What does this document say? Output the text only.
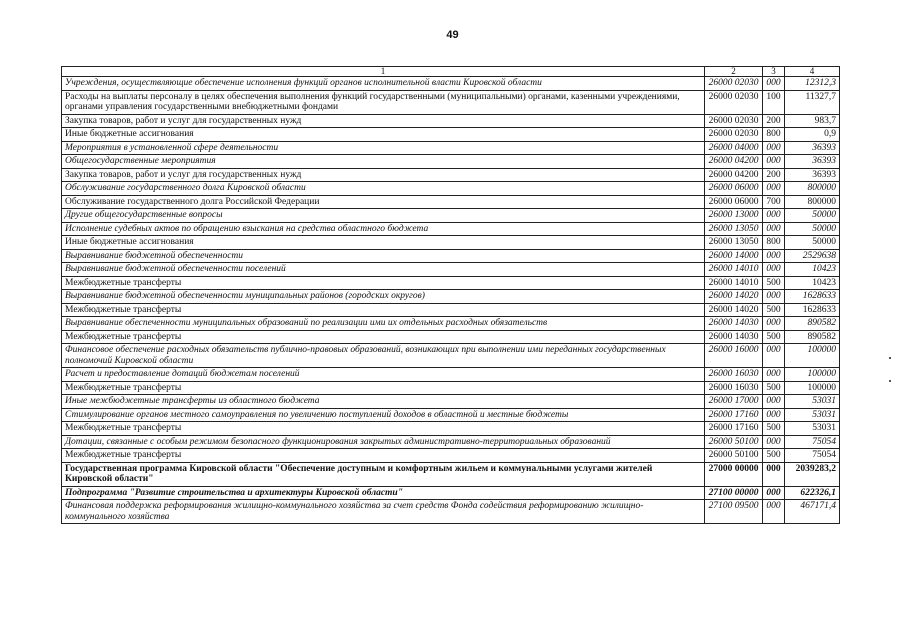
49
1	2	3	4
Учреждения, осуществляющие обеспечение исполнения функций органов исполнительной власти Кировской области	26000 02030	000	12312,3
Расходы на выплаты персоналу в целях обеспечения выполнения функций государственными (муниципальными) органами, казенными учреждениями, органами управления государственными внебюджетными фондами	26000 02030	100	11327,7
Закупка товаров, работ и услуг для государственных нужд	26000 02030	200	983,7
Иные бюджетные ассигнования	26000 02030	800	0,9
Мероприятия в установленной сфере деятельности	26000 04000	000	36393
Общегосударственные мероприятия	26000 04200	000	36393
Закупка товаров, работ и услуг для государственных нужд	26000 04200	200	36393
Обслуживание государственного долга Кировской области	26000 06000	000	800000
Обслуживание государственного долга Российской Федерации	26000 06000	700	800000
Другие общегосударственные вопросы	26000 13000	000	50000
Исполнение судебных актов по обращению взыскания на средства областного бюджета	26000 13050	000	50000
Иные бюджетные ассигнования	26000 13050	800	50000
Выравнивание бюджетной обеспеченности	26000 14000	000	2529638
Выравнивание бюджетной обеспеченности поселений	26000 14010	000	10423
Межбюджетные трансферты	26000 14010	500	10423
Выравнивание бюджетной обеспеченности муниципальных районов (городских округов)	26000 14020	000	1628633
Межбюджетные трансферты	26000 14020	500	1628633
Выравнивание обеспеченности муниципальных образований по реализации ими их отдельных расходных обязательств	26000 14030	000	890582
Межбюджетные трансферты	26000 14030	500	890582
Финансовое обеспечение расходных обязательств публично-правовых образований, возникающих при выполнении ими переданных государственных полномочий Кировской области	26000 16000	000	100000
Расчет и предоставление дотаций бюджетам поселений	26000 16030	000	100000
Межбюджетные трансферты	26000 16030	500	100000
Иные межбюджетные трансферты из областного бюджета	26000 17000	000	53031
Стимулирование органов местного самоуправления по увеличению поступлений доходов в областной и местные бюджеты	26000 17160	000	53031
Межбюджетные трансферты	26000 17160	500	53031
Дотации, связанные с особым режимом безопасного функционирования закрытых административно-территориальных образований	26000 50100	000	75054
Межбюджетные трансферты	26000 50100	500	75054
Государственная программа Кировской области "Обеспечение доступным и комфортным жильем и коммунальными услугами жителей Кировской области"	27000 00000	000	2039283,2
Подпрограмма "Развитие строительства и архитектуры Кировской области"	27100 00000	000	622326,1
Финансовая поддержка реформирования жилищно-коммунального хозяйства за счет средств Фонда содействия реформированию жилищно-коммунального хозяйства	27100 09500	000	467171,4
